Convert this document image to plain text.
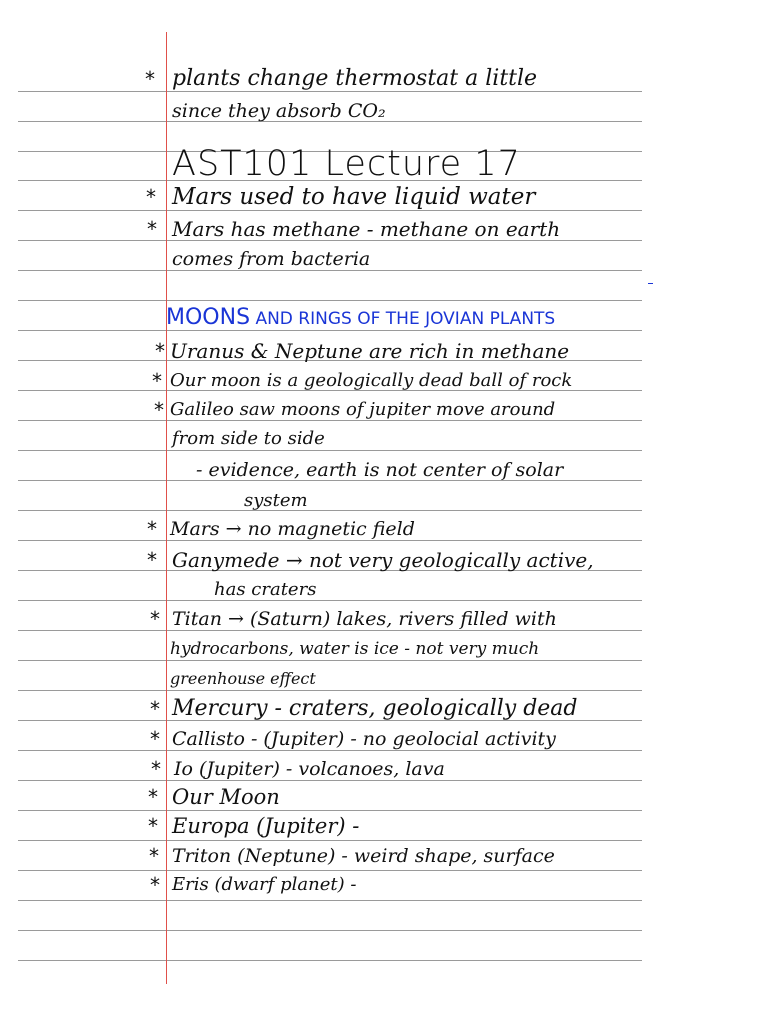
* plants change thermostat a little
since they absorb CO₂
AST101 Lecture 17
* Mars used to have liquid water
* Mars has methane - methane on earth
comes from bacteria
MOONS AND RINGS OF THE JOVIAN PLANTS
* Uranus & Neptune are rich in methane
* Our moon is a geologically dead ball of rock
* Galileo saw moons of jupiter move around
from side to side
- evidence, earth is not center of solar
system
* Mars → no magnetic field
* Ganymede → not very geologically active,
has craters
* Titan → (Saturn) lakes, rivers filled with
hydrocarbons, water is ice - not very much
greenhouse effect
* Mercury - craters, geologically dead
* Callisto - (Jupiter) - no geolocial activity
* Io (Jupiter) - volcanoes, lava
* Our Moon
* Europa (Jupiter) -
* Triton (Neptune) - weird shape, surface
* Eris (dwarf planet) -
